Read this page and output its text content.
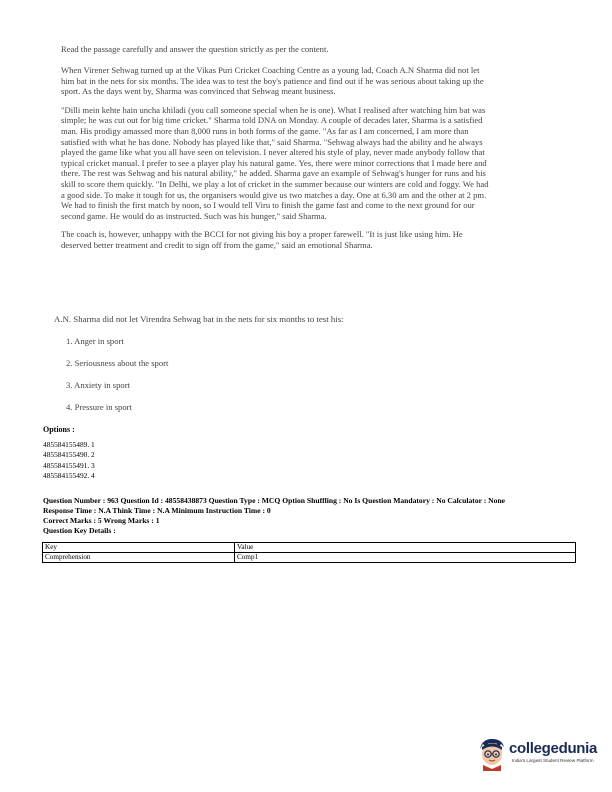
Read the passage carefully and answer the question strictly as per the content.

When Virener Sehwag turned up at the Vikas Puri Cricket Coaching Centre as a young lad, Coach A.N Sharma did not let him bat in the nets for six months. The idea was to test the boy's patience and find out if he was serious about taking up the sport. As the days went by, Sharma was convinced that Sehwag meant business.

"Dilli mein kehte hain uncha khiladi (you call someone special when he is one). What I realised after watching him bat was simple; he was cut out for big time cricket." Sharma told DNA on Monday. A couple of decades later, Sharma is a satisfied man. His prodigy amassed more than 8,000 runs in both forms of the game. "As far as I am concerned, I am more than satisfied with what he has done. Nobody has played like that," said Sharma. "Sehwag always had the ability and he always played the game like what you all have seen on television. I never altered his style of play, never made anybody follow that typical cricket manual. I prefer to see a player play his natural game. Yes, there were minor corrections that I made here and there. The rest was Sehwag and his natural ability," he added. Sharma gave an example of Sehwag's hunger for runs and his skill to score them quickly. "In Delhi, we play a lot of cricket in the summer because our winters are cold and foggy. We had a good side. To make it tough for us, the organisers would give us two matches a day. One at 6.30 am and the other at 2 pm. We had to finish the first match by noon, so I would tell Viru to finish the game fast and come to the next ground for our second game. He would do as instructed. Such was his hunger," said Sharma.

The coach is, however, unhappy with the BCCI for not giving his boy a proper farewell. "It is just like using him. He deserved better treatment and credit to sign off from the game," said an emotional Sharma.

A.N. Sharma did not let Virendra Sehwag bat in the nets for six months to test his:

1. Anger in sport

2. Seriousness about the sport

3. Anxiety in sport

4. Pressure in sport

Options :

485584155489. 1

485584155490. 2

485584155491. 3

485584155492. 4

Question Number : 963 Question Id : 48558438873 Question Type : MCQ Option Shuffling : No Is Question Mandatory : No Calculator : None

Response Time : N.A Think Time : N.A Minimum Instruction Time : 0

Correct Marks : 5 Wrong Marks : 1

Question Key Details :

Key	Value
Comprehension	Comp1
collegedunia
India's Largest Student Review Platform
